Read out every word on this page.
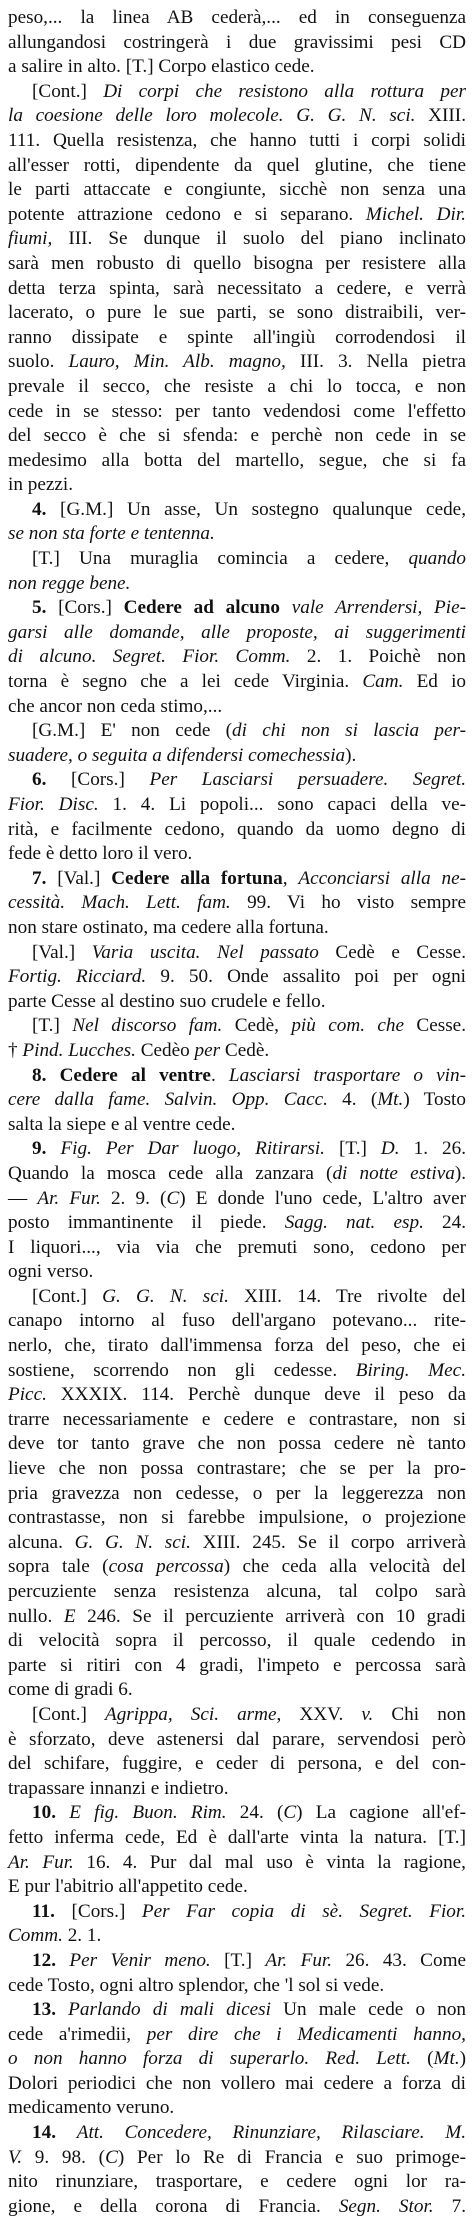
peso,... la linea AB cederà,... ed in conseguenza
allungandosi costringerà i due gravissimi pesi CD
a salire in alto. [T.] Corpo elastico cede.
[Cont.] Di corpi che resistono alla rottura per
la coesione delle loro molecole. G. G. N. sci. XIII.
111. Quella resistenza, che hanno tutti i corpi solidi
all'esser rotti, dipendente da quel glutine, che tiene
le parti attaccate e congiunte, sicchè non senza una
potente attrazione cedono e si separano. Michel. Dir.
fiumi, III. Se dunque il suolo del piano inclinato
sarà men robusto di quello bisogna per resistere alla
detta terza spinta, sarà necessitato a cedere, e verrà
lacerato, o pure le sue parti, se sono distraibili, ver-
ranno dissipate e spinte all'ingiù corrodendosi il
suolo. Lauro, Min. Alb. magno, III. 3. Nella pietra
prevale il secco, che resiste a chi lo tocca, e non
cede in se stesso: per tanto vedendosi come l'effetto
del secco è che si sfenda: e perchè non cede in se
medesimo alla botta del martello, segue, che si fa
in pezzi.
4. [G.M.] Un asse, Un sostegno qualunque cede,
se non sta forte e tentenna.
[T.] Una muraglia comincia a cedere, quando
non regge bene.
5. [Cors.] Cedere ad alcuno vale Arrendersi, Pie-
garsi alle domande, alle proposte, ai suggerimenti
di alcuno. Segret. Fior. Comm. 2. 1. Poichè non
torna è segno che a lei cede Virginia. Cam. Ed io
che ancor non ceda stimo,...
[G.M.] E' non cede (di chi non si lascia per-
suadere, o seguita a difendersi comechessia).
6. [Cors.] Per Lasciarsi persuadere. Segret.
Fior. Disc. 1. 4. Li popoli... sono capaci della ve-
rità, e facilmente cedono, quando da uomo degno di
fede è detto loro il vero.
7. [Val.] Cedere alla fortuna, Acconciarsi alla ne-
cessità. Mach. Lett. fam. 99. Vi ho visto sempre
non stare ostinato, ma cedere alla fortuna.
[Val.] Varia uscita. Nel passato Cedè e Cesse.
Fortig. Ricciard. 9. 50. Onde assalito poi per ogni
parte Cesse al destino suo crudele e fello.
[T.] Nel discorso fam. Cedè, più com. che Cesse.
† Pind. Lucches. Cedèo per Cedè.
8. Cedere al ventre. Lasciarsi trasportare o vin-
cere dalla fame. Salvin. Opp. Cacc. 4. (Mt.) Tosto
salta la siepe e al ventre cede.
9. Fig. Per Dar luogo, Ritirarsi. [T.] D. 1. 26.
Quando la mosca cede alla zanzara (di notte estiva).
— Ar. Fur. 2. 9. (C) E donde l'uno cede, L'altro aver
posto immantinente il piede. Sagg. nat. esp. 24.
I liquori..., via via che premuti sono, cedono per
ogni verso.
[Cont.] G. G. N. sci. XIII. 14. Tre rivolte del
canapo intorno al fuso dell'argano potevano... rite-
nerlo, che, tirato dall'immensa forza del peso, che ei
sostiene, scorrendo non gli cedesse. Biring. Mec.
Picc. XXXIX. 114. Perchè dunque deve il peso da
trarre necessariamente e cedere e contrastare, non si
deve tor tanto grave che non possa cedere nè tanto
lieve che non possa contrastare; che se per la pro-
pria gravezza non cedesse, o per la leggerezza non
contrastasse, non si farebbe impulsione, o projezione
alcuna. G. G. N. sci. XIII. 245. Se il corpo arriverà
sopra tale (cosa percossa) che ceda alla velocità del
percuziente senza resistenza alcuna, tal colpo sarà
nullo. E 246. Se il percuziente arriverà con 10 gradi
di velocità sopra il percosso, il quale cedendo in
parte si ritiri con 4 gradi, l'impeto e percossa sarà
come di gradi 6.
[Cont.] Agrippa, Sci. arme, XXV. v. Chi non
è sforzato, deve astenersi dal parare, servendosi però
del schifare, fuggire, e ceder di persona, e del con-
trapassare innanzi e indietro.
10. E fig. Buon. Rim. 24. (C) La cagione all'ef-
fetto inferma cede, Ed è dall'arte vinta la natura. [T.]
Ar. Fur. 16. 4. Pur dal mal uso è vinta la ragione,
E pur l'abitrio all'appetito cede.
11. [Cors.] Per Far copia di sè. Segret. Fior.
Comm. 2. 1.
12. Per Venir meno. [T.] Ar. Fur. 26. 43. Come
cede Tosto, ogni altro splendor, che 'l sol si vede.
13. Parlando di mali dicesi Un male cede o non
cede a'rimedii, per dire che i Medicamenti hanno,
o non hanno forza di superarlo. Red. Lett. (Mt.)
Dolori periodici che non vollero mai cedere a forza di
medicamento veruno.
14. Att. Concedere, Rinunziare, Rilasciare. M.
V. 9. 98. (C) Per lo Re di Francia e suo primoge-
nito rinunziare, trasportare, e cedere ogni lor ra-
gione, e della corona di Francia. Segn. Stor. 7.
